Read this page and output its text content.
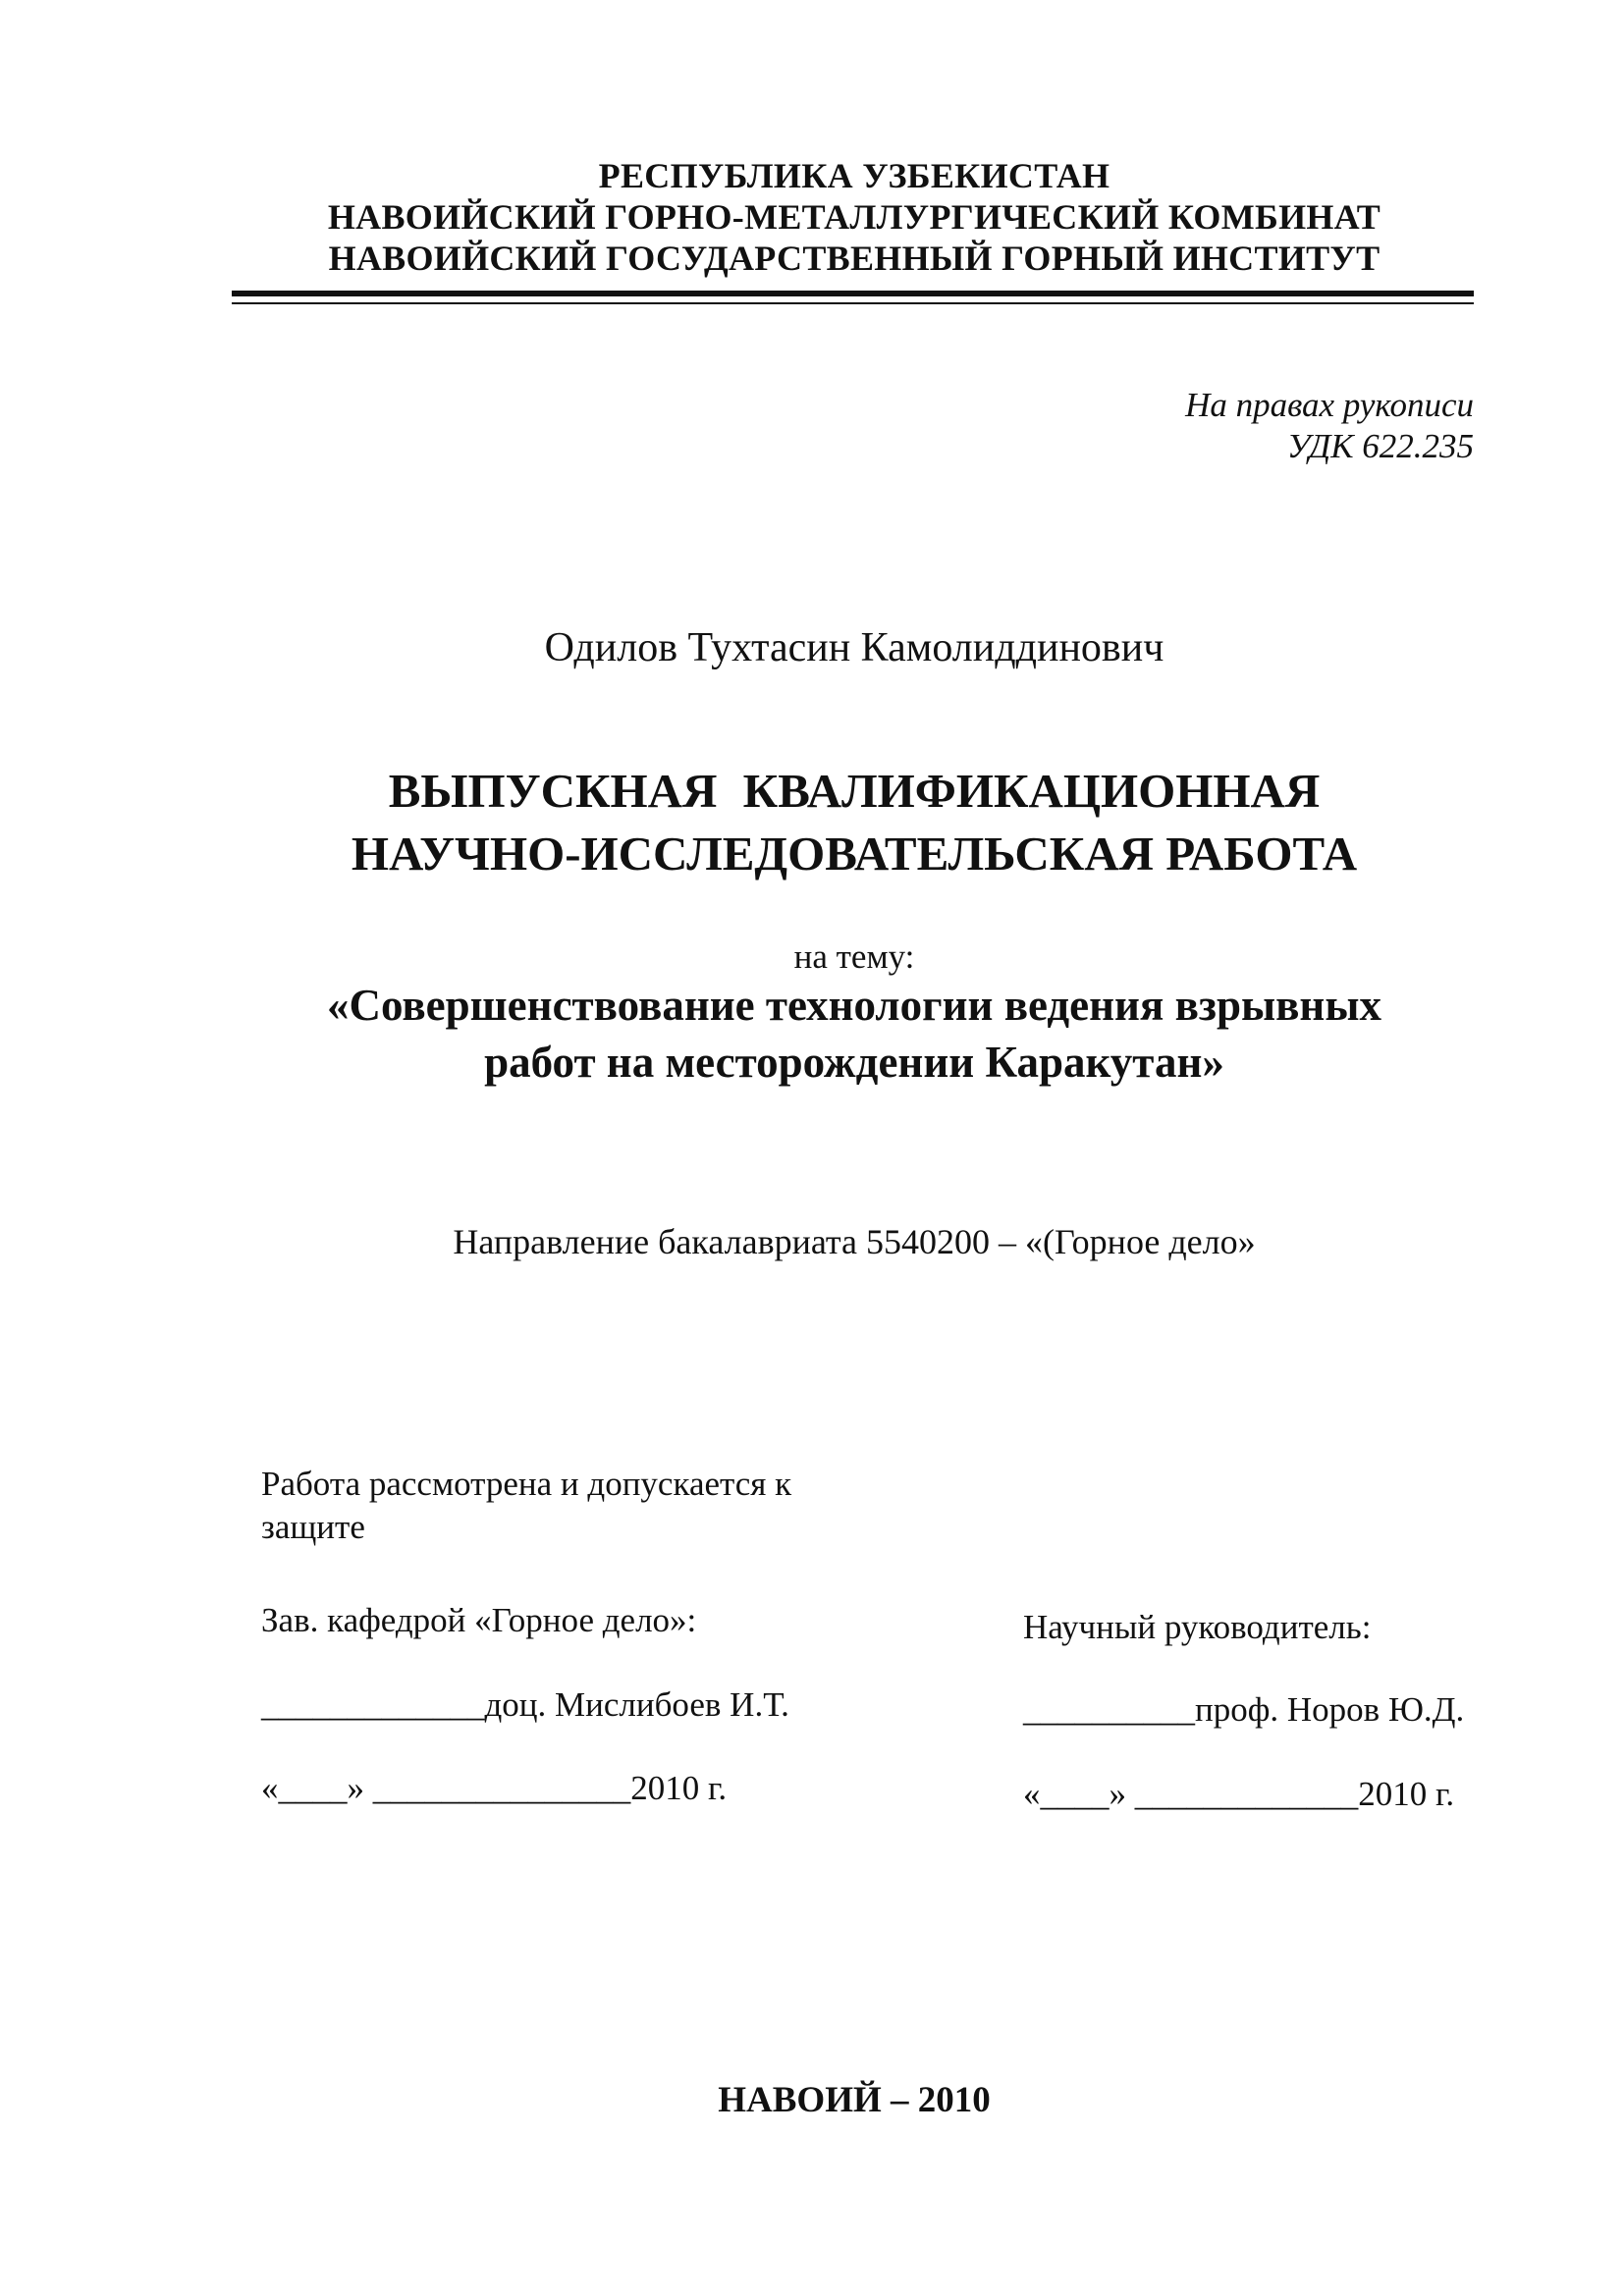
РЕСПУБЛИКА УЗБЕКИСТАН
НАВОИЙСКИЙ ГОРНО-МЕТАЛЛУРГИЧЕСКИЙ КОМБИНАТ
НАВОИЙСКИЙ ГОСУДАРСТВЕННЫЙ ГОРНЫЙ ИНСТИТУТ
На правах рукописи
УДК 622.235
Одилов Тухтасин Камолиддинович
ВЫПУСКНАЯ КВАЛИФИКАЦИОННАЯ
НАУЧНО-ИССЛЕДОВАТЕЛЬСКАЯ РАБОТА
на тему:
«Совершенствование технологии ведения взрывных
работ на месторождении Каракутан»
Направление бакалавриата 5540200 – «(Горное дело»
Работа рассмотрена и допускается к защите
Зав. кафедрой «Горное дело»:
_____________доц. Мислибоев И.Т.
«____» _______________2010 г.
Научный руководитель:
__________проф. Норов Ю.Д.
«____» _____________2010 г.
НАВОИЙ – 2010
